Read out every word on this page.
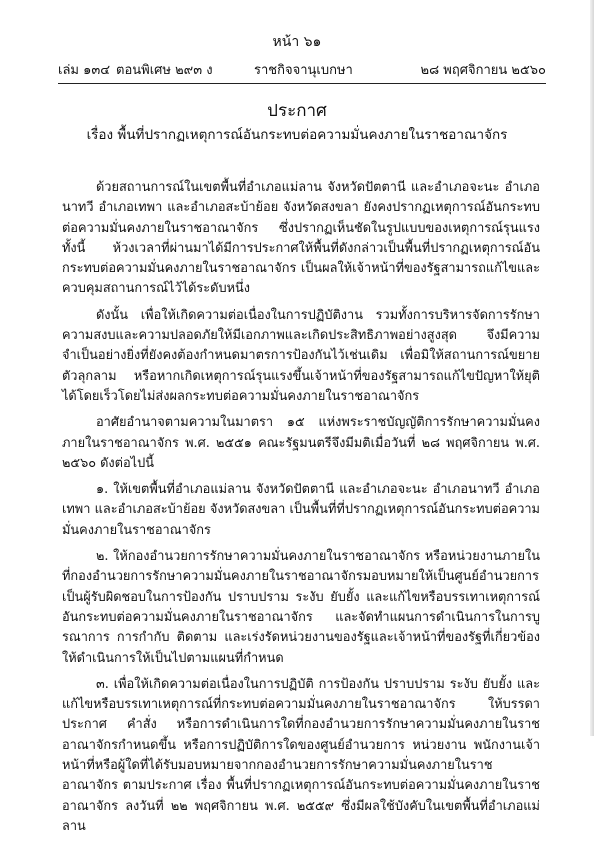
หน้า ๖๑
เล่ม ๑๓๔ ตอนพิเศษ ๒๙๓ ง	ราชกิจจานุเบกษา	๒๘ พฤศจิกายน ๒๕๖๐
ประกาศ
เรื่อง พื้นที่ปรากฏเหตุการณ์อันกระทบต่อความมั่นคงภายในราชอาณาจักร

ด้วยสถานการณ์ในเขตพื้นที่อำเภอแม่ลาน จังหวัดปัตตานี และอำเภอจะนะ อำเภอนาทวี อำเภอเทพา และอำเภอสะบ้าย้อย จังหวัดสงขลา ยังคงปรากฏเหตุการณ์อันกระทบต่อความมั่นคงภายในราชอาณาจักร ซึ่งปรากฏเห็นชัดในรูปแบบของเหตุการณ์รุนแรง ทั้งนี้ ห้วงเวลาที่ผ่านมาได้มีการประกาศให้พื้นที่ดังกล่าวเป็นพื้นที่ปรากฏเหตุการณ์อันกระทบต่อความมั่นคงภายในราชอาณาจักร เป็นผลให้เจ้าหน้าที่ของรัฐสามารถแก้ไขและควบคุมสถานการณ์ไว้ได้ระดับหนึ่ง

ดังนั้น เพื่อให้เกิดความต่อเนื่องในการปฏิบัติงาน รวมทั้งการบริหารจัดการรักษาความสงบและความปลอดภัยให้มีเอกภาพและเกิดประสิทธิภาพอย่างสูงสุด จึงมีความจำเป็นอย่างยิ่งที่ยังคงต้องกำหนดมาตรการป้องกันไว้เช่นเดิม เพื่อมิให้สถานการณ์ขยายตัวลุกลาม หรือหากเกิดเหตุการณ์รุนแรงขึ้นเจ้าหน้าที่ของรัฐสามารถแก้ไขปัญหาให้ยุติได้โดยเร็วโดยไม่ส่งผลกระทบต่อความมั่นคงภายในราชอาณาจักร

อาศัยอำนาจตามความในมาตรา ๑๕ แห่งพระราชบัญญัติการรักษาความมั่นคงภายในราชอาณาจักร พ.ศ. ๒๕๕๑ คณะรัฐมนตรีจึงมีมติเมื่อวันที่ ๒๘ พฤศจิกายน พ.ศ. ๒๕๖๐ ดังต่อไปนี้

๑. ให้เขตพื้นที่อำเภอแม่ลาน จังหวัดปัตตานี และอำเภอจะนะ อำเภอนาทวี อำเภอเทพา และอำเภอสะบ้าย้อย จังหวัดสงขลา เป็นพื้นที่ที่ปรากฏเหตุการณ์อันกระทบต่อความมั่นคงภายในราชอาณาจักร

๒. ให้กองอำนวยการรักษาความมั่นคงภายในราชอาณาจักร หรือหน่วยงานภายในที่กองอำนวยการรักษาความมั่นคงภายในราชอาณาจักรมอบหมายให้เป็นศูนย์อำนวยการเป็นผู้รับผิดชอบในการป้องกัน ปราบปราม ระงับ ยับยั้ง และแก้ไขหรือบรรเทาเหตุการณ์อันกระทบต่อความมั่นคงภายในราชอาณาจักร และจัดทำแผนการดำเนินการในการบูรณาการ การกำกับ ติดตาม และเร่งรัดหน่วยงานของรัฐและเจ้าหน้าที่ของรัฐที่เกี่ยวข้อง ให้ดำเนินการให้เป็นไปตามแผนที่กำหนด

๓. เพื่อให้เกิดความต่อเนื่องในการปฏิบัติ การป้องกัน ปราบปราม ระงับ ยับยั้ง และแก้ไขหรือบรรเทาเหตุการณ์ที่กระทบต่อความมั่นคงภายในราชอาณาจักร ให้บรรดาประกาศ คำสั่ง หรือการดำเนินการใดที่กองอำนวยการรักษาความมั่นคงภายในราชอาณาจักรกำหนดขึ้น หรือการปฏิบัติการใดของศูนย์อำนวยการ หน่วยงาน พนักงานเจ้าหน้าที่หรือผู้ใดที่ได้รับมอบหมายจากกองอำนวยการรักษาความมั่นคงภายในราชอาณาจักร ตามประกาศ เรื่อง พื้นที่ปรากฏเหตุการณ์อันกระทบต่อความมั่นคงภายในราชอาณาจักร ลงวันที่ ๒๒ พฤศจิกายน พ.ศ. ๒๕๕๙ ซึ่งมีผลใช้บังคับในเขตพื้นที่อำเภอแม่ลาน
